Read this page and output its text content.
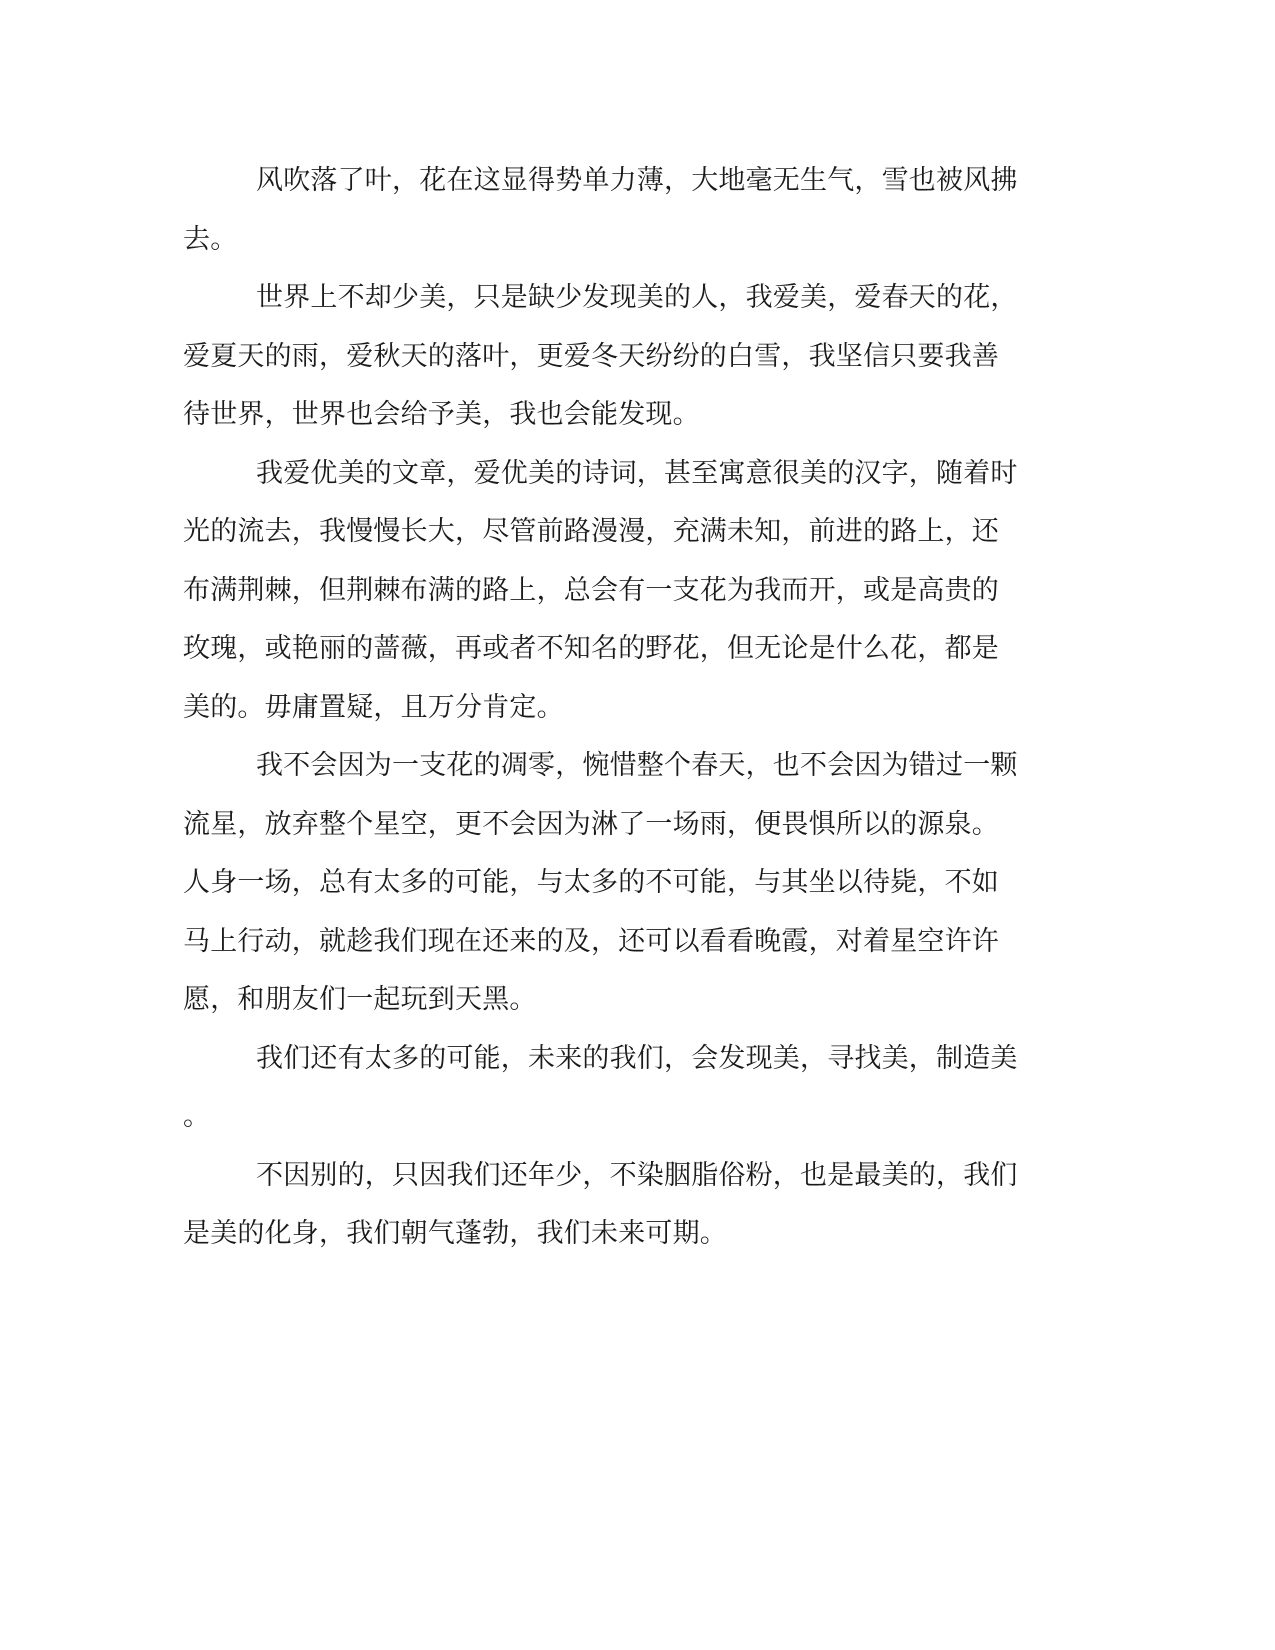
风吹落了叶，花在这显得势单力薄，大地毫无生气，雪也被风拂
去。
世界上不却少美，只是缺少发现美的人，我爱美，爱春天的花，
爱夏天的雨，爱秋天的落叶，更爱冬天纷纷的白雪，我坚信只要我善
待世界，世界也会给予美，我也会能发现。
我爱优美的文章，爱优美的诗词，甚至寓意很美的汉字，随着时
光的流去，我慢慢长大，尽管前路漫漫，充满未知，前进的路上，还
布满荆棘，但荆棘布满的路上，总会有一支花为我而开，或是高贵的
玫瑰，或艳丽的蔷薇，再或者不知名的野花，但无论是什么花，都是
美的。毋庸置疑，且万分肯定。
我不会因为一支花的凋零，惋惜整个春天，也不会因为错过一颗
流星，放弃整个星空，更不会因为淋了一场雨，便畏惧所以的源泉。
人身一场，总有太多的可能，与太多的不可能，与其坐以待毙，不如
马上行动，就趁我们现在还来的及，还可以看看晚霞，对着星空许许
愿，和朋友们一起玩到天黑。
我们还有太多的可能，未来的我们，会发现美，寻找美，制造美
。
不因别的，只因我们还年少，不染胭脂俗粉，也是最美的，我们
是美的化身，我们朝气蓬勃，我们未来可期。
